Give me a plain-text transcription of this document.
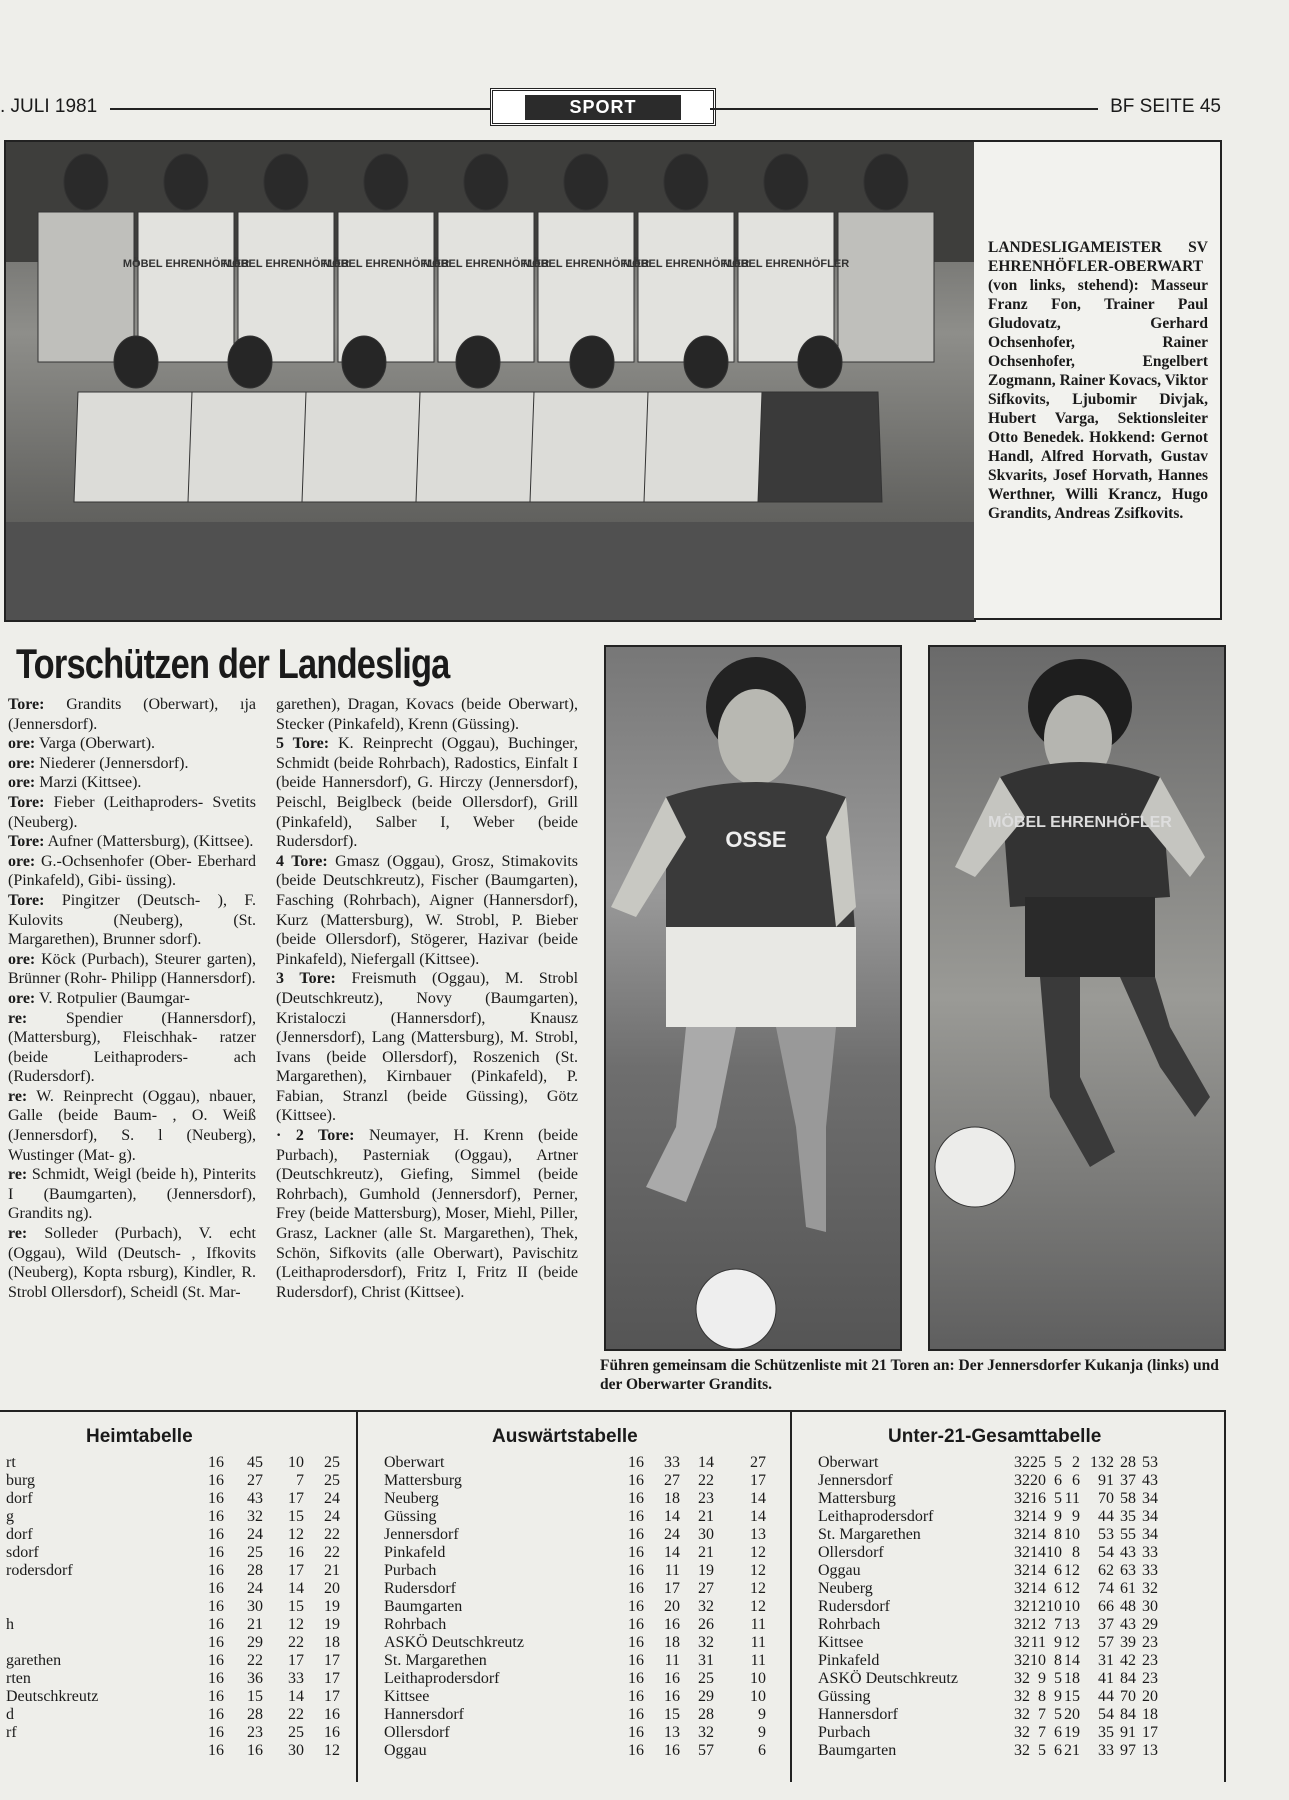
. JULI 1981	SPORT	BF SEITE 45
MÖBEL EHRENHÖFLER
MÖBEL EHRENHÖFLER
MÖBEL EHRENHÖFLER
MÖBEL EHRENHÖFLER
MÖBEL EHRENHÖFLER
MÖBEL EHRENHÖFLER
MÖBEL EHRENHÖFLER
LANDESLIGAMEISTER SV EHRENHÖFLER-OBERWART (von links, stehend): Masseur Franz Fon, Trainer Paul Gludovatz, Gerhard Ochsenhofer, Rainer Ochsenhofer, Engelbert Zogmann, Rainer Kovacs, Viktor Sifkovits, Ljubomir Divjak, Hubert Varga, Sektionsleiter Otto Benedek. Hokkend: Gernot Handl, Alfred Horvath, Gustav Skvarits, Josef Horvath, Hannes Werthner, Willi Krancz, Hugo Grandits, Andreas Zsifkovits.
Torschützen der Landesliga

Tore: Grandits (Oberwart), ıja (Jennersdorf).

ore: Varga (Oberwart).

ore: Niederer (Jennersdorf).

ore: Marzi (Kittsee).

Tore: Fieber (Leithaproders- Svetits (Neuberg).

Tore: Aufner (Mattersburg), (Kittsee).

ore: G.-Ochsenhofer (Ober- Eberhard (Pinkafeld), Gibi- üssing).

Tore: Pingitzer (Deutsch- ), F. Kulovits (Neuberg), (St. Margarethen), Brunner sdorf).

ore: Köck (Purbach), Steurer garten), Brünner (Rohr- Philipp (Hannersdorf).

ore: V. Rotpulier (Baumgar-

re: Spendier (Hannersdorf), (Mattersburg), Fleischhak- ratzer (beide Leithaproders- ach (Rudersdorf).

re: W. Reinprecht (Oggau), nbauer, Galle (beide Baum- , O. Weiß (Jennersdorf), S. l (Neuberg), Wustinger (Mat- g).

re: Schmidt, Weigl (beide h), Pinterits I (Baumgarten), (Jennersdorf), Grandits ng).

re: Solleder (Purbach), V. echt (Oggau), Wild (Deutsch- , Ifkovits (Neuberg), Kopta rsburg), Kindler, R. Strobl Ollersdorf), Scheidl (St. Mar-

garethen), Dragan, Kovacs (beide Oberwart), Stecker (Pinkafeld), Krenn (Güssing).

5 Tore: K. Reinprecht (Oggau), Buchinger, Schmidt (beide Rohrbach), Radostics, Einfalt I (beide Hannersdorf), G. Hirczy (Jennersdorf), Peischl, Beiglbeck (beide Ollersdorf), Grill (Pinkafeld), Salber I, Weber (beide Rudersdorf).

4 Tore: Gmasz (Oggau), Grosz, Stimakovits (beide Deutschkreutz), Fischer (Baumgarten), Fasching (Rohrbach), Aigner (Hannersdorf), Kurz (Mattersburg), W. Strobl, P. Bieber (beide Ollersdorf), Stögerer, Hazivar (beide Pinkafeld), Niefergall (Kittsee).

3 Tore: Freismuth (Oggau), M. Strobl (Deutschkreutz), Novy (Baumgarten), Kristaloczi (Hannersdorf), Knausz (Jennersdorf), Lang (Mattersburg), M. Strobl, Ivans (beide Ollersdorf), Roszenich (St. Margarethen), Kirnbauer (Pinkafeld), P. Fabian, Stranzl (beide Güssing), Götz (Kittsee).

· 2 Tore: Neumayer, H. Krenn (beide Purbach), Pasterniak (Oggau), Artner (Deutschkreutz), Giefing, Simmel (beide Rohrbach), Gumhold (Jennersdorf), Perner, Frey (beide Mattersburg), Moser, Miehl, Piller, Grasz, Lackner (alle St. Margarethen), Thek, Schön, Sifkovits (alle Oberwart), Pavischitz (Leithaprodersdorf), Fritz I, Fritz II (beide Rudersdorf), Christ (Kittsee).

OSSE
MÖBEL EHRENHÖFLER
Führen gemeinsam die Schützenliste mit 21 Toren an: Der Jennersdorfer Kukanja (links) und der Oberwarter Grandits.
Heimtabelle
rt	16	45	10	25
burg	16	27	7	25
dorf	16	43	17	24
g	16	32	15	24
dorf	16	24	12	22
sdorf	16	25	16	22
rodersdorf	16	28	17	21
16	24	14	20
16	30	15	19
h	16	21	12	19
16	29	22	18
garethen	16	22	17	17
rten	16	36	33	17
Deutschkreutz	16	15	14	17
d	16	28	22	16
rf	16	23	25	16
16	16	30	12
Auswärtstabelle
Oberwart	16	33	14	27
Mattersburg	16	27	22	17
Neuberg	16	18	23	14
Güssing	16	14	21	14
Jennersdorf	16	24	30	13
Pinkafeld	16	14	21	12
Purbach	16	11	19	12
Rudersdorf	16	17	27	12
Baumgarten	16	20	32	12
Rohrbach	16	16	26	11
ASKÖ Deutschkreutz	16	18	32	11
St. Margarethen	16	11	31	11
Leithaprodersdorf	16	16	25	10
Kittsee	16	16	29	10
Hannersdorf	16	15	28	9
Ollersdorf	16	13	32	9
Oggau	16	16	57	6
Unter-21-Gesamttabelle
Oberwart	32 25 5 2 132 28 53
Jennersdorf	32 20 6 6	91 37 43
Mattersburg	32 16 5 11	70 58 34
Leithaprodersdorf	32 14 9 9	44 35 34
St. Margarethen	32 14 8 10	53 55 34
Ollersdorf	32 14 10 8	54 43 33
Oggau	32 14 6 12	62 63 33
Neuberg	32 14 6 12	74 61 32
Rudersdorf	32 12 10 10	66 48 30
Rohrbach	32 12 7 13	37 43 29
Kittsee	32 11 9 12	57 39 23
Pinkafeld	32 10 8 14	31 42 23
ASKÖ Deutschkreutz	32 9 5 18	41 84 23
Güssing	32 8 9 15	44 70 20
Hannersdorf	32 7 5 20	54 84 18
Purbach	32 7 6 19	35 91 17
Baumgarten	32 5 6 21	33 97 13
